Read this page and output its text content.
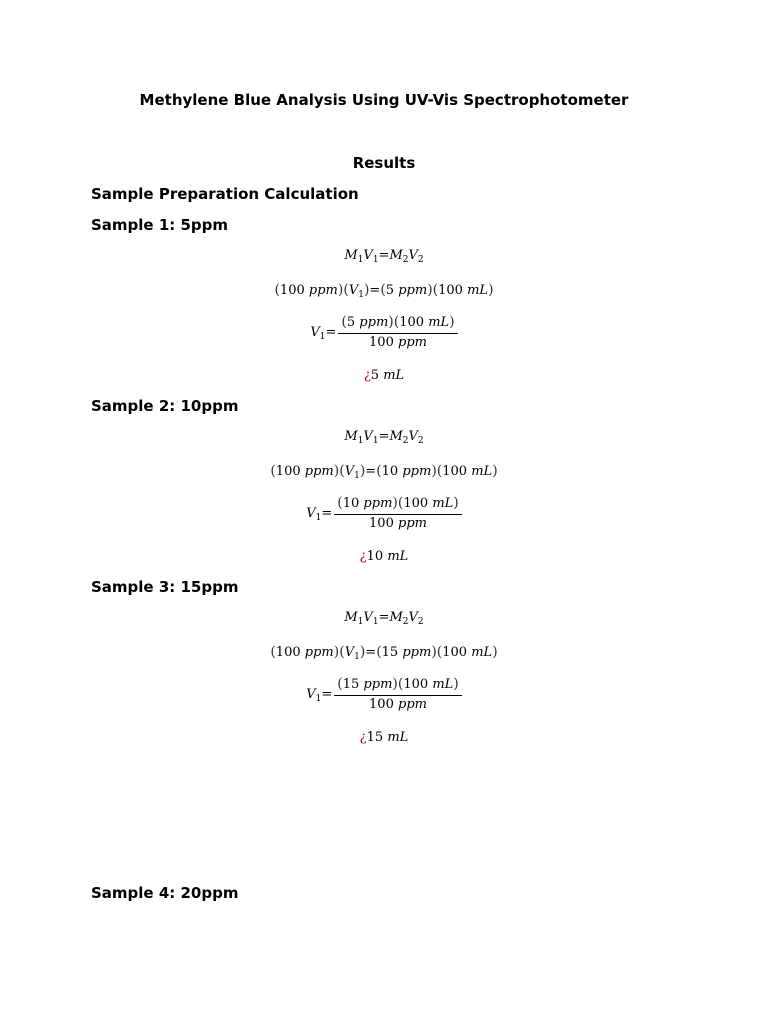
Methylene Blue Analysis Using UV-Vis Spectrophotometer
Results
Sample Preparation Calculation
Sample 1: 5ppm
$M_1V_1=M_2V_2$
(100 $ppm)(V_1)=(5$ ppm)(100 mL)
$V_1= \frac{\text{(5 ppm)(100 mL)}}{\text{100 ppm}}$
¿5 mL
Sample 2: 10ppm
$M_1V_1=M_2V_2$
(100 $ppm)(V_1)=(10$ ppm)(100 mL)
$V_1= \frac{\text{(10 ppm)(100 mL)}}{\text{100 ppm}}$
¿10 mL
Sample 3: 15ppm
$M_1V_1=M_2V_2$
(100 $ppm)(V_1)=(15$ ppm)(100 mL)
$V_1= \frac{\text{(15 ppm)(100 mL)}}{\text{100 ppm}}$
¿15 mL
Sample 4: 20ppm
